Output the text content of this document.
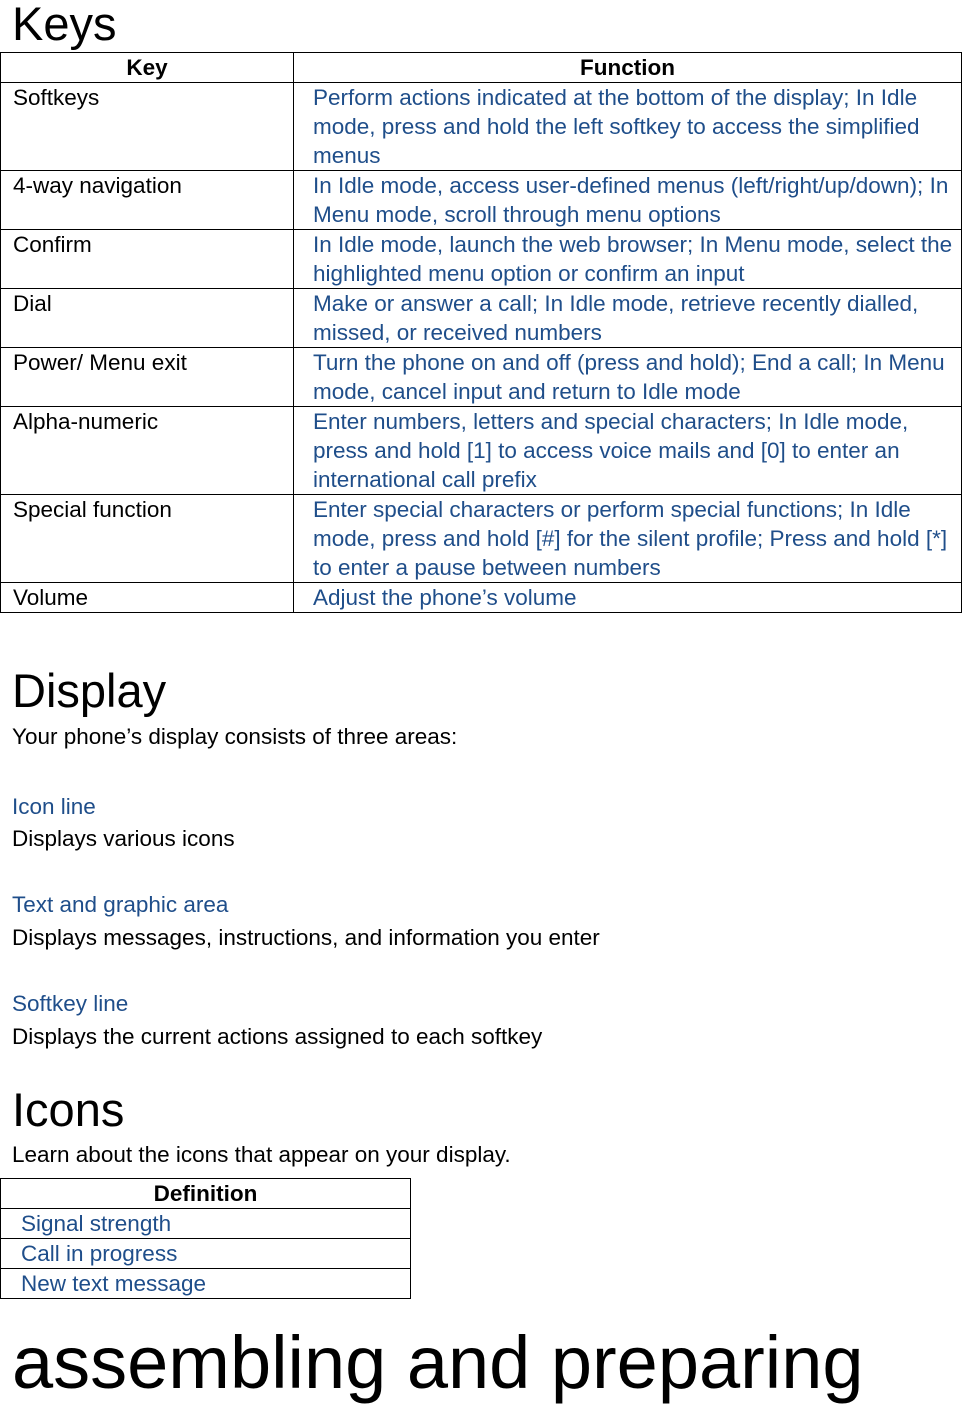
Keys
Key	Function
Softkeys	Perform actions indicated at the bottom of the display; In Idle mode, press and hold the left softkey to access the simplified menus
4-way navigation	In Idle mode, access user-defined menus (left/right/up/down); In Menu mode, scroll through menu options
Confirm	In Idle mode, launch the web browser; In Menu mode, select the highlighted menu option or confirm an input
Dial	Make or answer a call; In Idle mode, retrieve recently dialled, missed, or received numbers
Power/ Menu exit	Turn the phone on and off (press and hold); End a call; In Menu mode, cancel input and return to Idle mode
Alpha-numeric	Enter numbers, letters and special characters; In Idle mode, press and hold [1] to access voice mails and [0] to enter an international call prefix
Special function	Enter special characters or perform special functions; In Idle mode, press and hold [#] for the silent profile; Press and hold [*] to enter a pause between numbers
Volume	Adjust the phone’s volume
Display

Your phone’s display consists of three areas:

Icon line

Displays various icons

Text and graphic area

Displays messages, instructions, and information you enter

Softkey line

Displays the current actions assigned to each softkey

Icons

Learn about the icons that appear on your display.

Definition
Signal strength
Call in progress
New text message
assembling and preparing
